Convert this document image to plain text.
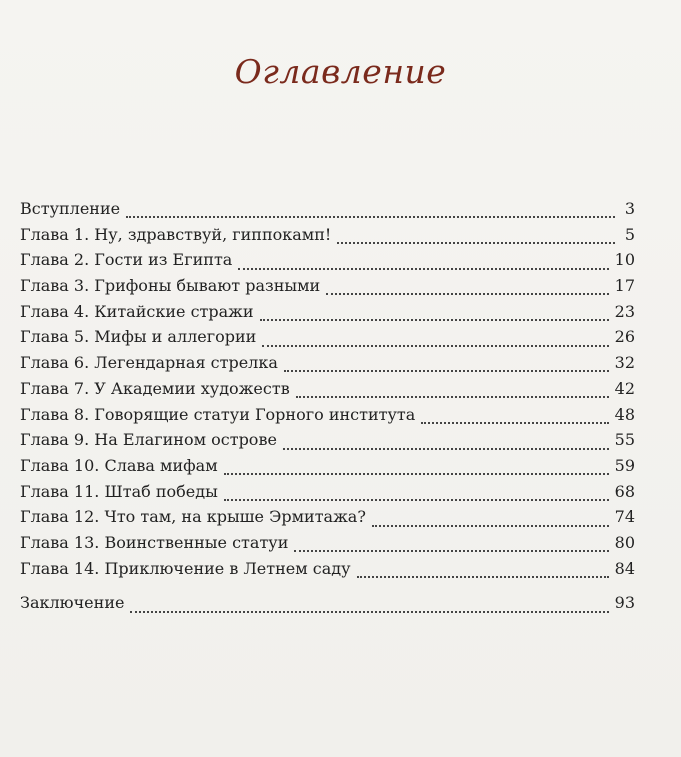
Оглавление
Вступление	3
Глава 1. Ну, здравствуй, гиппокамп!	5
Глава 2. Гости из Египта	10
Глава 3. Грифоны бывают разными	17
Глава 4. Китайские стражи	23
Глава 5. Мифы и аллегории	26
Глава 6. Легендарная стрелка	32
Глава 7. У Академии художеств	42
Глава 8. Говорящие статуи Горного института	48
Глава 9. На Елагином острове	55
Глава 10. Слава мифам	59
Глава 11. Штаб победы	68
Глава 12. Что там, на крыше Эрмитажа?	74
Глава 13. Воинственные статуи	80
Глава 14. Приключение в Летнем саду	84
Заключение	93
